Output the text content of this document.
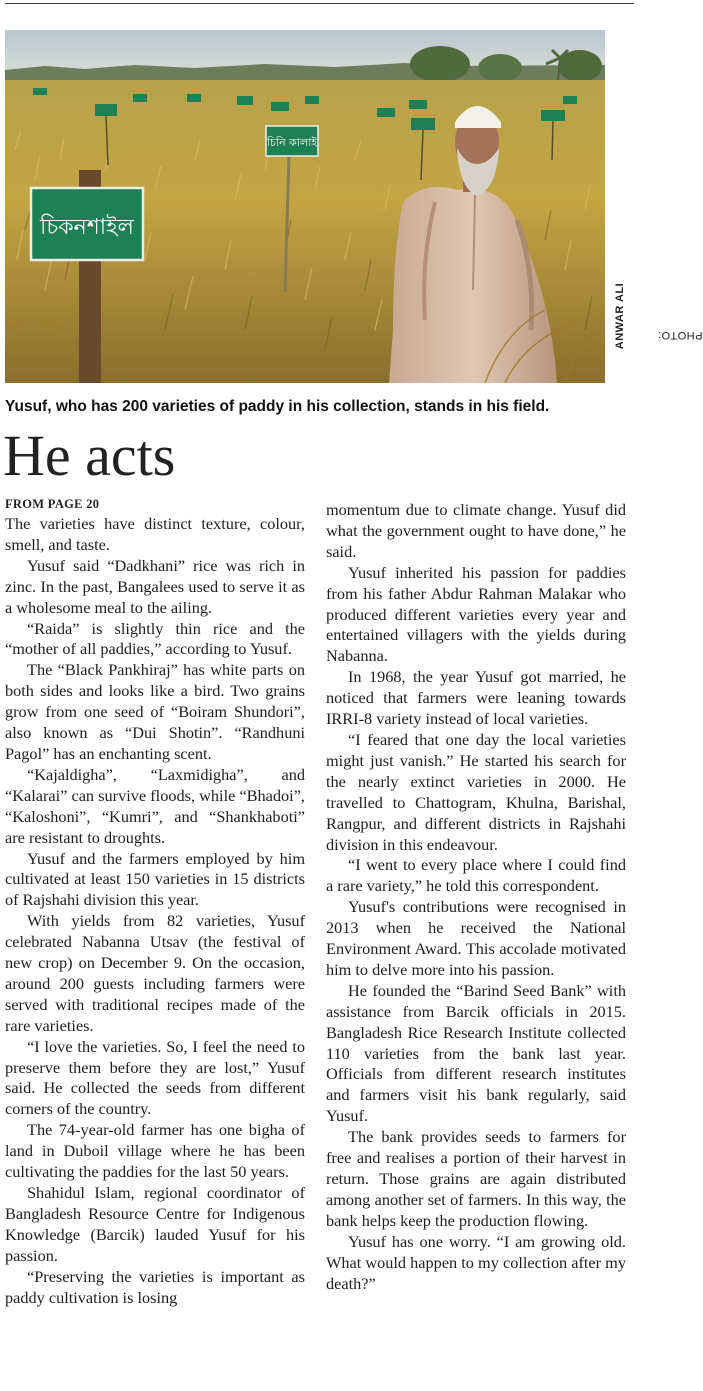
চিনি কালাই
চিকনশাইল
PHOTO:
ANWAR ALI
Yusuf, who has 200 varieties of paddy in his collection, stands in his field.
He acts
FROM PAGE 20

The varieties have distinct texture, colour, smell, and taste.

Yusuf said “Dadkhani” rice was rich in zinc. In the past, Bangalees used to serve it as a wholesome meal to the ailing.

“Raida” is slightly thin rice and the “mother of all paddies,” according to Yusuf.

The “Black Pankhiraj” has white parts on both sides and looks like a bird. Two grains grow from one seed of “Boiram Shundori”, also known as “Dui Shotin”. “Randhuni Pagol” has an enchanting scent.

“Kajaldigha”, “Laxmidigha”, and “Kalarai” can survive floods, while “Bhadoi”, “Kaloshoni”, “Kumri”, and “Shankhaboti” are resistant to droughts.

Yusuf and the farmers employed by him cultivated at least 150 varieties in 15 districts of Rajshahi division this year.

With yields from 82 varieties, Yusuf celebrated Nabanna Utsav (the festival of new crop) on December 9. On the occasion, around 200 guests including farmers were served with traditional recipes made of the rare varieties.

“I love the varieties. So, I feel the need to preserve them before they are lost,” Yusuf said. He collected the seeds from different corners of the country.

The 74-year-old farmer has one bigha of land in Duboil village where he has been cultivating the paddies for the last 50 years.

Shahidul Islam, regional coordinator of Bangladesh Resource Centre for Indigenous Knowledge (Barcik) lauded Yusuf for his passion.

“Preserving the varieties is important as paddy cultivation is losing

momentum due to climate change. Yusuf did what the government ought to have done,” he said.

Yusuf inherited his passion for paddies from his father Abdur Rahman Malakar who produced different varieties every year and entertained villagers with the yields during Nabanna.

In 1968, the year Yusuf got married, he noticed that farmers were leaning towards IRRI-8 variety instead of local varieties.

“I feared that one day the local varieties might just vanish.” He started his search for the nearly extinct varieties in 2000. He travelled to Chattogram, Khulna, Barishal, Rangpur, and different districts in Rajshahi division in this endeavour.

“I went to every place where I could find a rare variety,” he told this correspondent.

Yusuf's contributions were recognised in 2013 when he received the National Environment Award. This accolade motivated him to delve more into his passion.

He founded the “Barind Seed Bank” with assistance from Barcik officials in 2015. Bangladesh Rice Research Institute collected 110 varieties from the bank last year. Officials from different research institutes and farmers visit his bank regularly, said Yusuf.

The bank provides seeds to farmers for free and realises a portion of their harvest in return. Those grains are again distributed among another set of farmers. In this way, the bank helps keep the production flowing.

Yusuf has one worry. “I am growing old. What would happen to my collection after my death?”
